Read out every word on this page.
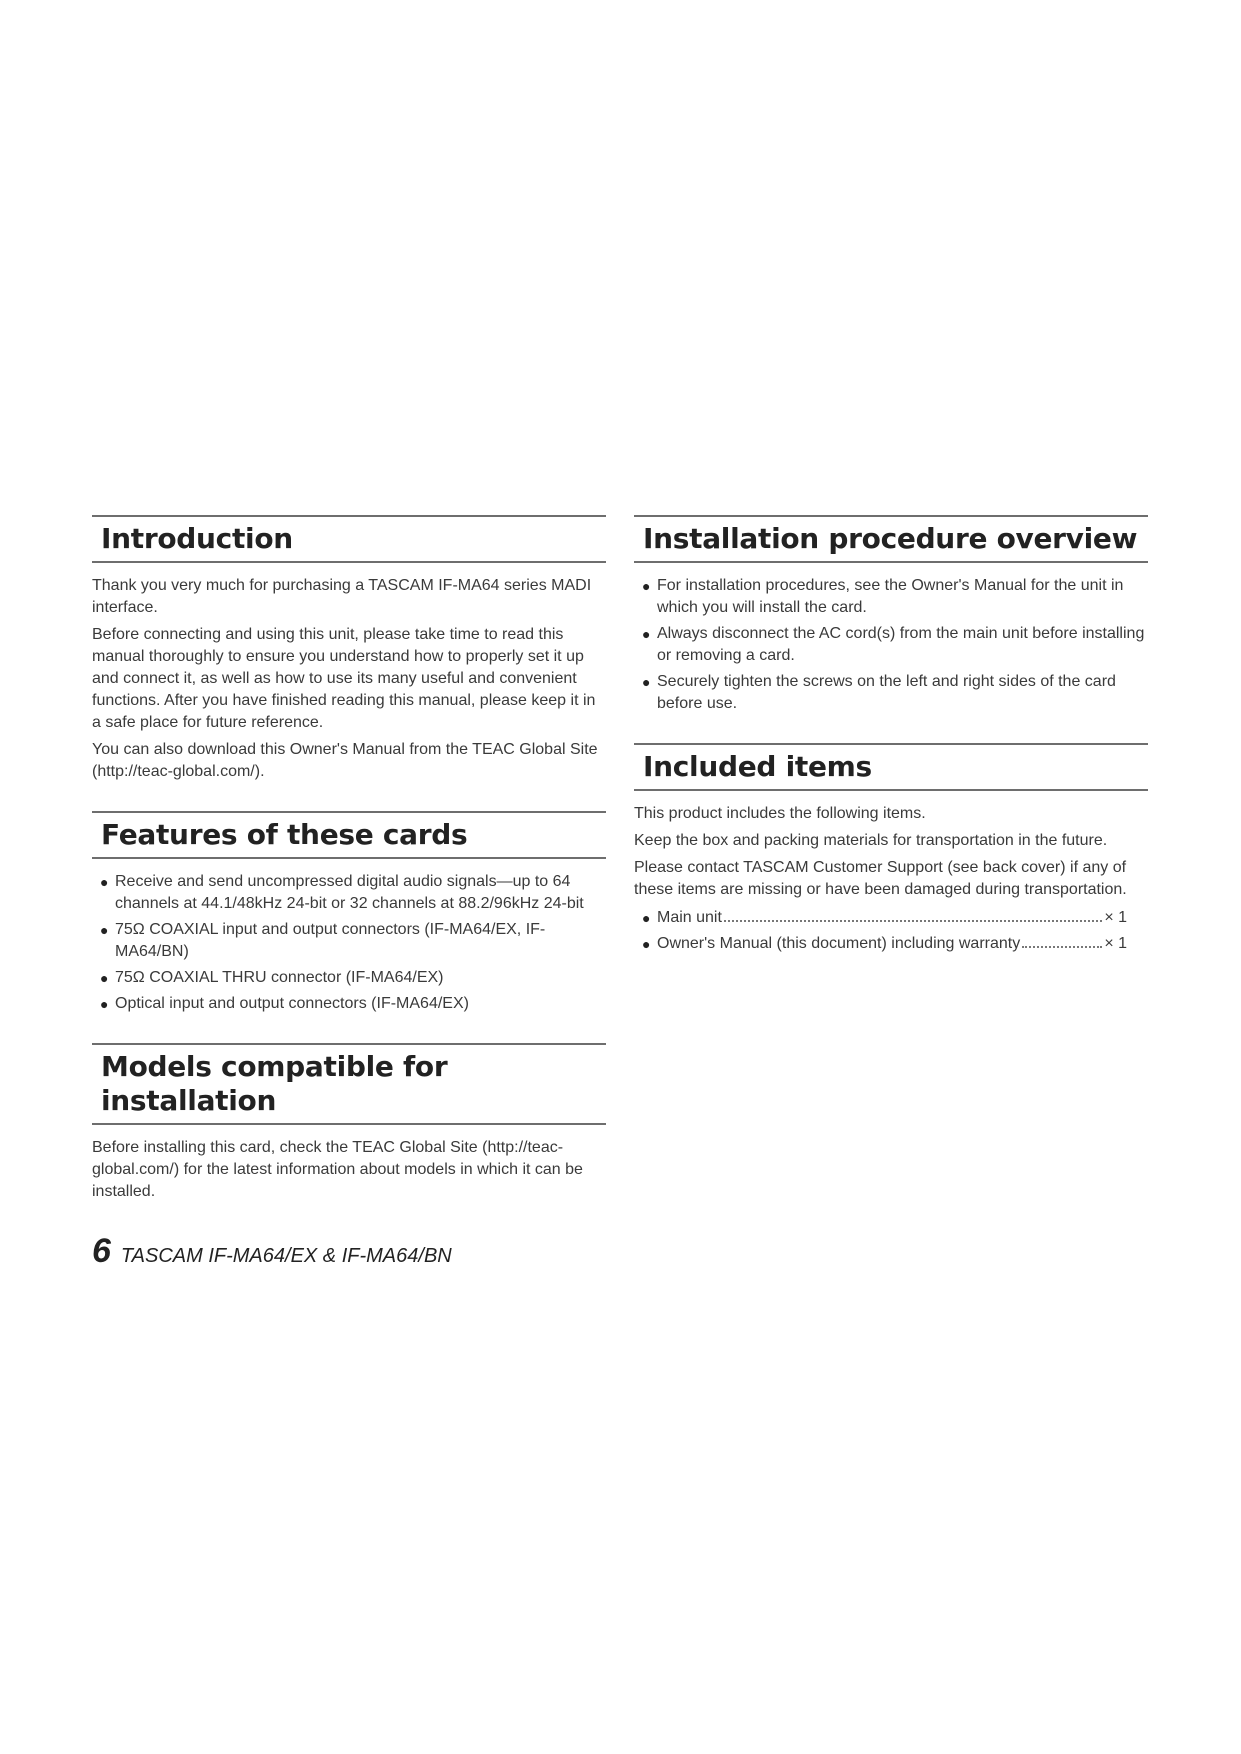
Introduction

Thank you very much for purchasing a TASCAM IF-MA64 series MADI interface.

Before connecting and using this unit, please take time to read this manual thoroughly to ensure you understand how to properly set it up and connect it, as well as how to use its many useful and convenient functions. After you have finished reading this manual, please keep it in a safe place for future reference.

You can also download this Owner's Manual from the TEAC Global Site (http://teac-global.com/).

Features of these cards
● Receive and send uncompressed digital audio signals—up to 64 channels at 44.1/48kHz 24-bit or 32 channels at 88.2/96kHz 24-bit
● 75Ω COAXIAL input and output connectors (IF-MA64/EX, IF-MA64/BN)
● 75Ω COAXIAL THRU connector (IF-MA64/EX)
● Optical input and output connectors (IF-MA64/EX)
Models compatible for installation

Before installing this card, check the TEAC Global Site (http://teac-global.com/) for the latest information about models in which it can be installed.

Installation procedure overview
● For installation procedures, see the Owner's Manual for the unit in which you will install the card.
● Always disconnect the AC cord(s) from the main unit before installing or removing a card.
● Securely tighten the screws on the left and right sides of the card before use.
Included items

This product includes the following items.

Keep the box and packing materials for transportation in the future.

Please contact TASCAM Customer Support (see back cover) if any of these items are missing or have been damaged during transportation.

● Main unit	× 1
● Owner's Manual (this document) including warranty	× 1
6 TASCAM IF-MA64/EX & IF-MA64/BN
